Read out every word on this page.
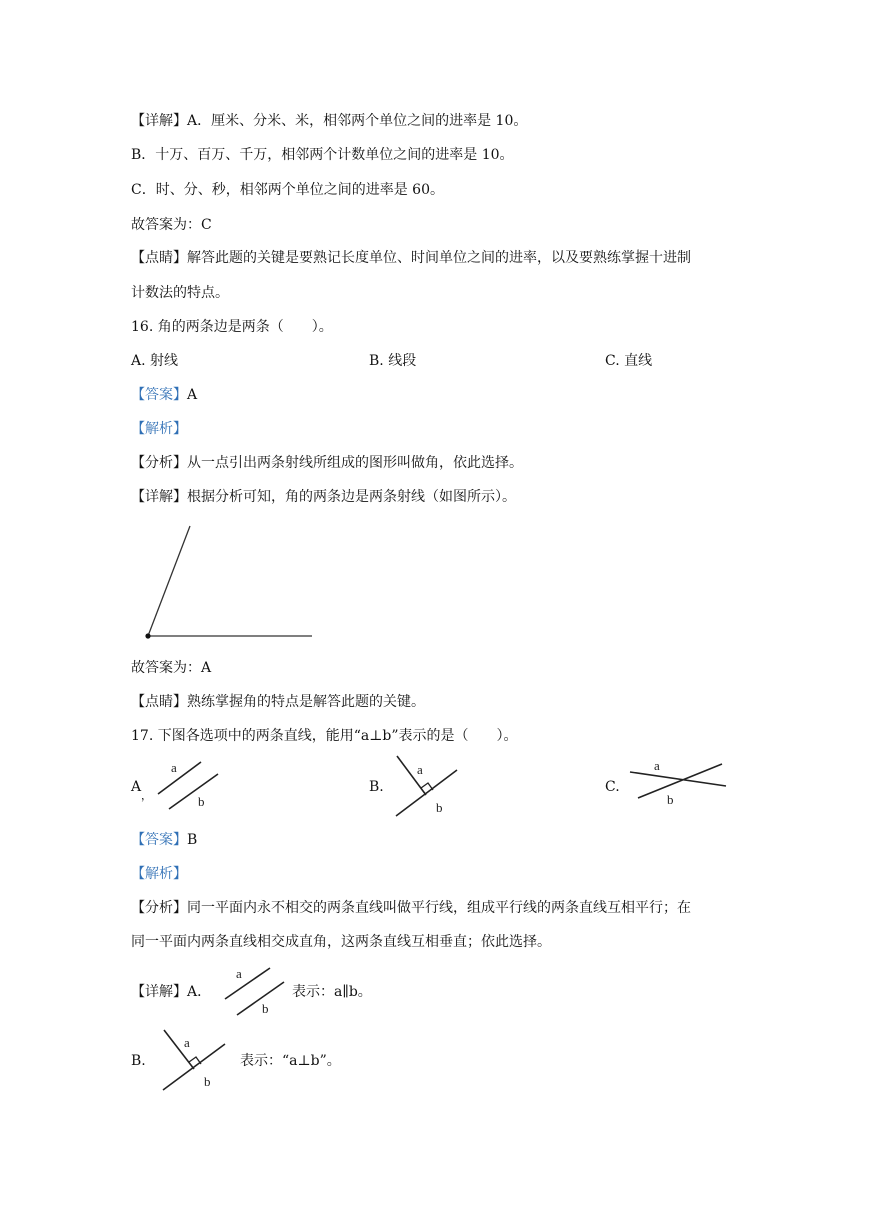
【详解】A．厘米、分米、米，相邻两个单位之间的进率是 10。
B．十万、百万、千万，相邻两个计数单位之间的进率是 10。
C．时、分、秒，相邻两个单位之间的进率是 60。
故答案为：C
【点睛】解答此题的关键是要熟记长度单位、时间单位之间的进率，以及要熟练掌握十进制
计数法的特点。
16. 角的两条边是两条（　　）。
A. 射线	B. 线段	C. 直线
【答案】A
【解析】
【分析】从一点引出两条射线所组成的图形叫做角，依此选择。
【详解】根据分析可知，角的两条边是两条射线（如图所示）。
故答案为：A
【点睛】熟练掌握角的特点是解答此题的关键。
17. 下图各选项中的两条直线，能用“a⊥b”表示的是（　　）。
A
，
a
b
B.
a
b
C.
a
b
【答案】B
【解析】
【分析】同一平面内永不相交的两条直线叫做平行线，组成平行线的两条直线互相平行；在
同一平面内两条直线相交成直角，这两条直线互相垂直；依此选择。
【详解】A．
a
b
表示：a∥b。
B.
a
b
表示：“a⊥b”。
